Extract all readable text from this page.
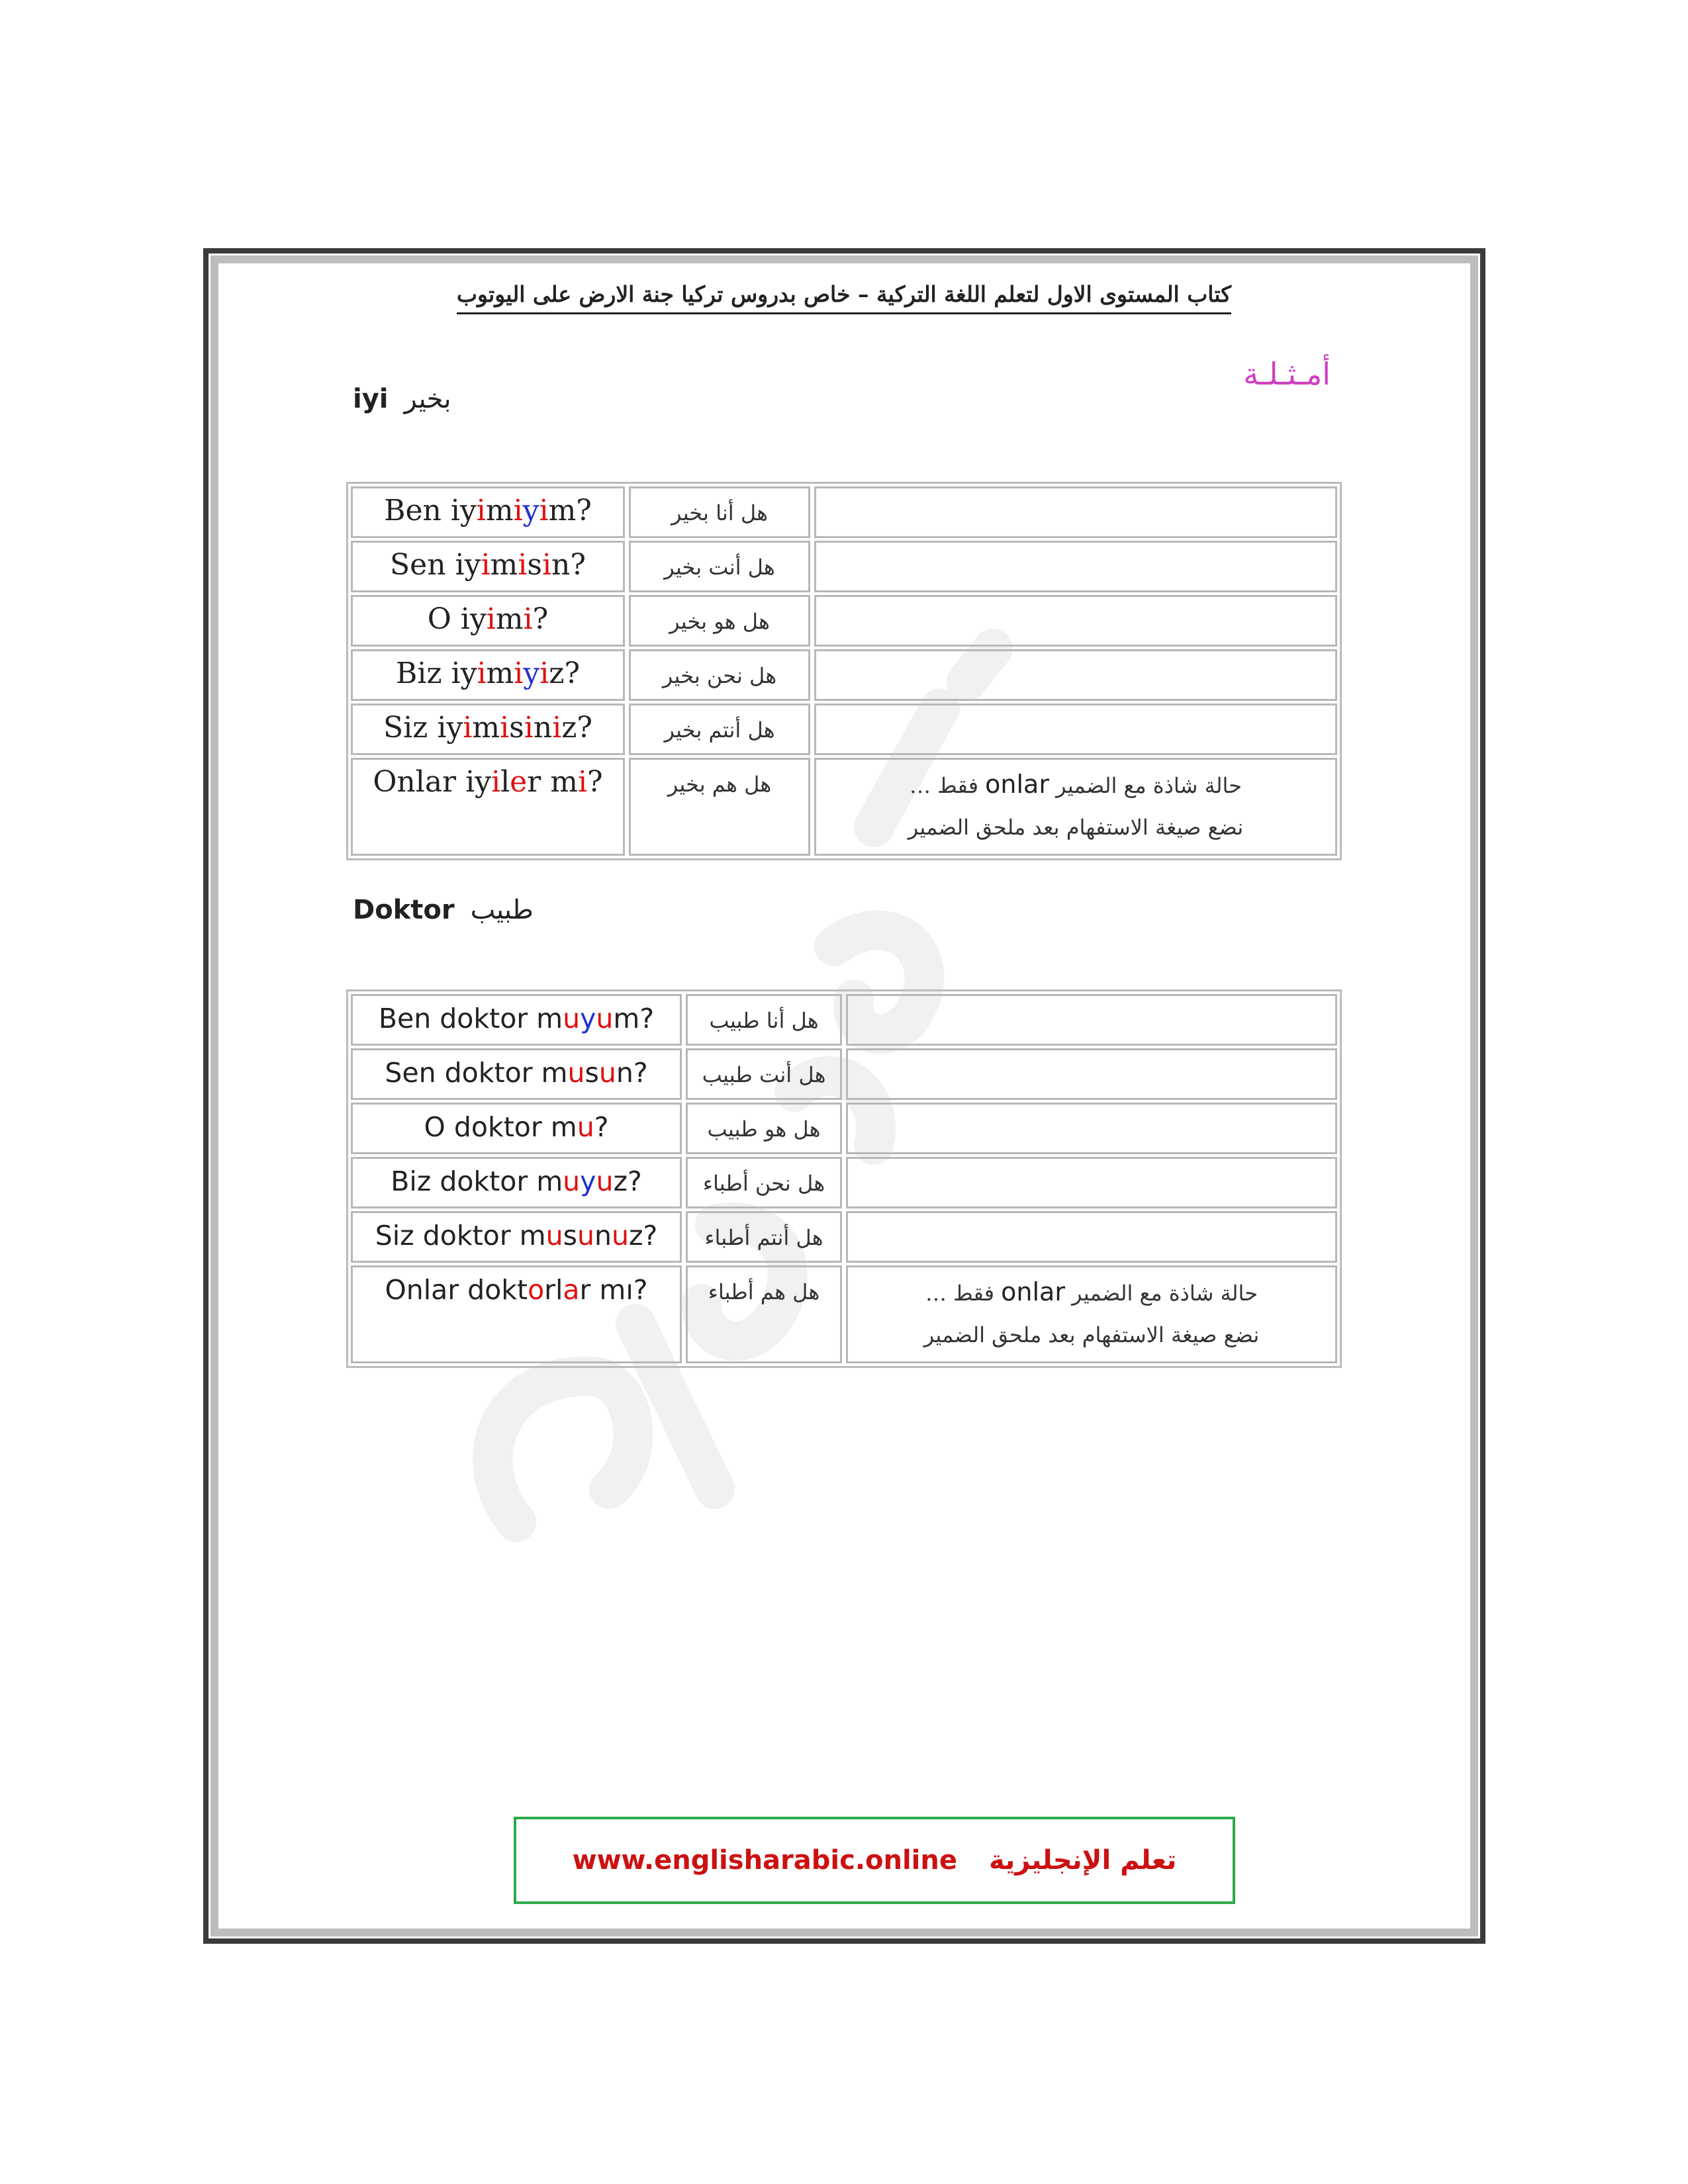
كتاب المستوى الاول لتعلم اللغة التركية – خاص بدروس تركيا جنة الارض على اليوتوب
أمـثـلـة
iyi بخير
Ben iy i m i y i m?	هل أنا بخير
Sen iy i m i s i n?	هل أنت بخير
O iy i m i ?	هل هو بخير
Biz iy i m i y i z?	هل نحن بخير
Siz iy i m i s i n i z?	هل أنتم بخير
Onlar iy i l e r m i ?	هل هم بخير	حالة شاذة مع الضمير onlar فقط …
نضع صيغة الاستفهام بعد ملحق الضمير
Doktor طبيب
Ben doktor m u y u m?	هل أنا طبيب
Sen doktor m u s u n?	هل أنت طبيب
O doktor m u ?	هل هو طبيب
Biz doktor m u y u z?	هل نحن أطباء
Siz doktor m u s u n u z?	هل أنتم أطباء
Onlar dokt o rl a r mı?	هل هم أطباء	حالة شاذة مع الضمير onlar فقط …
نضع صيغة الاستفهام بعد ملحق الضمير
www.englisharabic.online تعلم الإنجليزية
